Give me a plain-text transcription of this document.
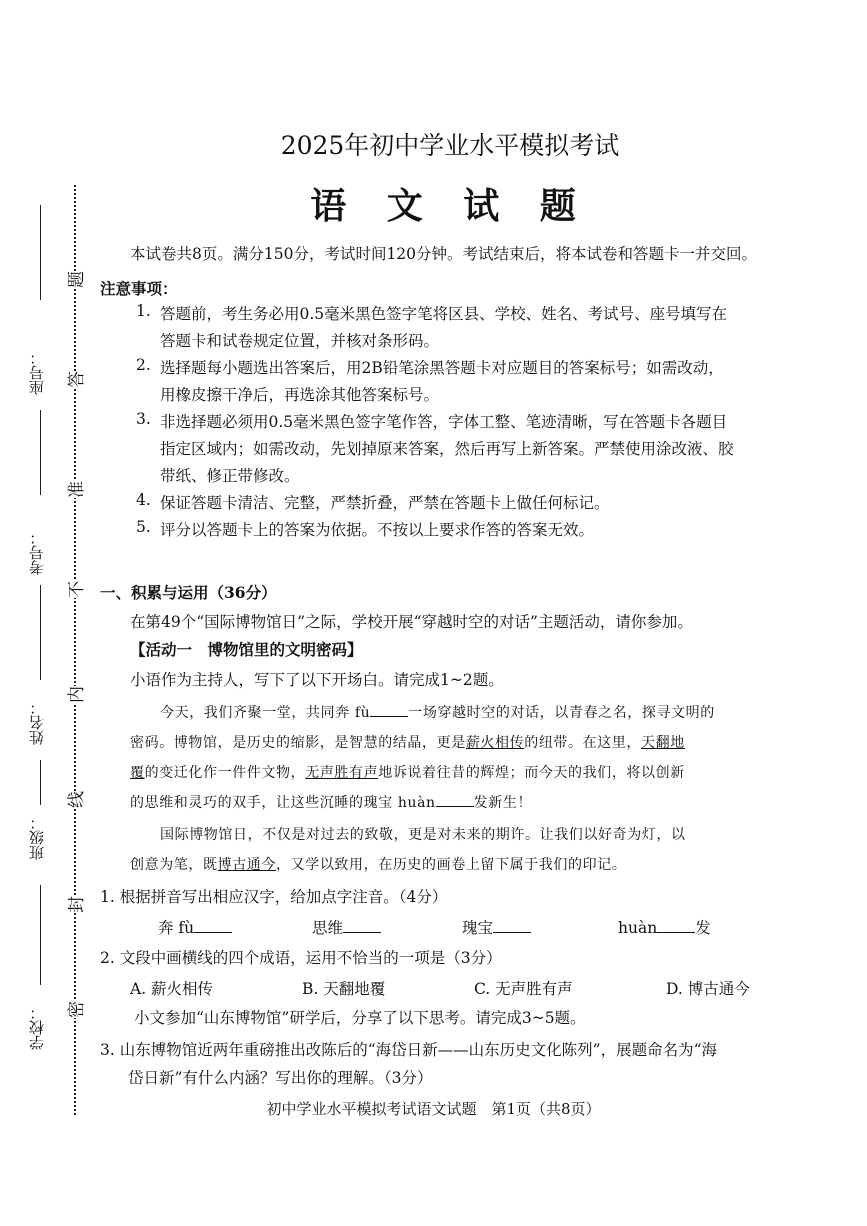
座号：
考号：
姓名：
班级：
学校：	密
封
线
内
不
准
答
题
2025年初中学业水平模拟考试
语 文 试 题
本试卷共8页。满分150分，考试时间120分钟。考试结束后，将本试卷和答题卡一并交回。
注意事项：
1. 答题前，考生务必用0.5毫米黑色签字笔将区县、学校、姓名、考试号、座号填写在
答题卡和试卷规定位置，并核对条形码。
2. 选择题每小题选出答案后，用2B铅笔涂黑答题卡对应题目的答案标号；如需改动，
用橡皮擦干净后，再选涂其他答案标号。
3. 非选择题必须用0.5毫米黑色签字笔作答，字体工整、笔迹清晰，写在答题卡各题目
指定区域内；如需改动，先划掉原来答案，然后再写上新答案。严禁使用涂改液、胶
带纸、修正带修改。
4. 保证答题卡清洁、完整，严禁折叠，严禁在答题卡上做任何标记。
5. 评分以答题卡上的答案为依据。不按以上要求作答的答案无效。
一、积累与运用（36分）
在第49个“国际博物馆日”之际，学校开展“穿越时空的对话”主题活动，请你参加。
【活动一　博物馆里的文明密码】
小语作为主持人，写下了以下开场白。请完成1~2题。
今天，我们齐聚一堂，共同奔 fù	一场穿越时空的对话，以青春之名，探寻文明的
密码。博物馆，是历史的缩影，是智慧的结晶，更是薪火相传的纽带。在这里，天翻地
覆的变迁化作一件件文物，无声胜有声地诉说着往昔的辉煌；而今天的我们，将以创新
的思维和灵巧的双手，让这些沉睡的瑰宝 huàn	发新生！
国际博物馆日，不仅是对过去的致敬，更是对未来的期许。让我们以好奇为灯，以
创意为笔，既博古通今，又学以致用，在历史的画卷上留下属于我们的印记。
1. 根据拼音写出相应汉字，给加点字注音。（4分）
奔 fù	思维	瑰宝	huàn 发
2. 文段中画横线的四个成语，运用不恰当的一项是（3分）
A. 薪火相传	B. 天翻地覆	C. 无声胜有声	D. 博古通今
小文参加“山东博物馆”研学后，分享了以下思考。请完成3~5题。
3. 山东博物馆近两年重磅推出改陈后的“海岱日新——山东历史文化陈列”，展题命名为“海
岱日新”有什么内涵？写出你的理解。（3分）
初中学业水平模拟考试语文试题　第1页（共8页）
